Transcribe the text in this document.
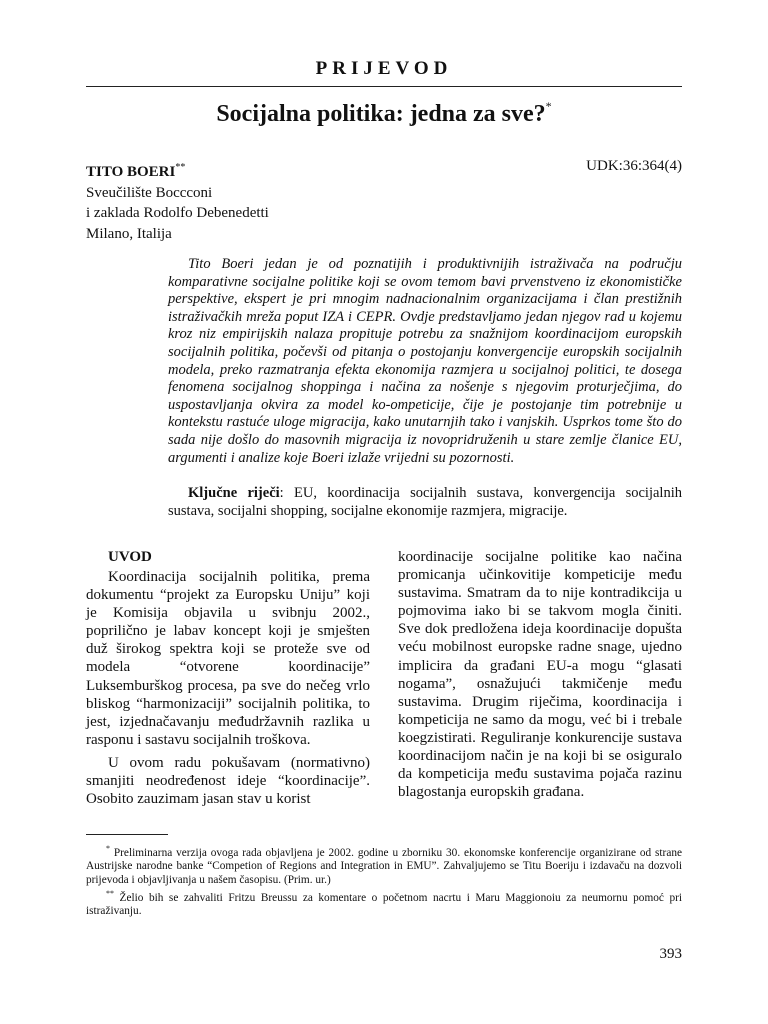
PRIJEVOD
Socijalna politika: jedna za sve?*
TITO BOERI**
Sveučilište Boccconi
i zaklada Rodolfo Debenedetti
Milano, Italija
UDK:36:364(4)

Tito Boeri jedan je od poznatijih i produktivnijih istraživača na području komparativne socijalne politike koji se ovom temom bavi prvenstveno iz ekonomističke perspektive, ekspert je pri mnogim nadnacionalnim organizacijama i član prestižnih istraživačkih mreža poput IZA i CEPR. Ovdje predstavljamo jedan njegov rad u kojemu kroz niz empirijskih nalaza propituje potrebu za snažnijom koordinacijom europskih socijalnih politika, počevši od pitanja o postojanju konvergencije europskih socijalnih modela, preko razmatranja efekta ekonomija razmjera u socijalnoj politici, te dosega fenomena socijalnog shoppinga i načina za nošenje s njegovim proturječjima, do uspostavljanja okvira za model ko-ompeticije, čije je postojanje tim potrebnije u kontekstu rastuće uloge migracija, kako unutarnjih tako i vanjskih. Usprkos tome što do sada nije došlo do masovnih migracija iz novopridruženih u stare zemlje članice EU, argumenti i analize koje Boeri izlaže vrijedni su pozornosti.

Ključne riječi: EU, koordinacija socijalnih sustava, konvergencija socijalnih sustava, socijalni shopping, socijalne ekonomije razmjera, migracije.

UVOD

Koordinacija socijalnih politika, prema dokumentu “projekt za Europsku Uniju” koji je Komisija objavila u svibnju 2002., poprilično je labav koncept koji je smješten duž širokog spektra koji se proteže sve od modela “otvorene koordinacije” Luksemburškog procesa, pa sve do nečeg vrlo bliskog “harmonizaciji” socijalnih politika, to jest, izjednačavanju međudržavnih razlika u rasponu i sastavu socijalnih troškova.

U ovom radu pokušavam (normativno) smanjiti neodređenost ideje “koordinacije”. Osobito zauzimam jasan stav u korist

koordinacije socijalne politike kao načina promicanja učinkovitije kompeticije među sustavima. Smatram da to nije kontradikcija u pojmovima iako bi se takvom mogla činiti. Sve dok predložena ideja koordinacije dopušta veću mobilnost europske radne snage, ujedno implicira da građani EU-a mogu “glasati nogama”, osnažujući takmičenje među sustavima. Drugim riječima, koordinacija i kompeticija ne samo da mogu, već bi i trebale koegzistirati. Reguliranje konkurencije sustava koordinacijom način je na koji bi se osiguralo da kompeticija među sustavima pojača razinu blagostanja europskih građana.

* Preliminarna verzija ovoga rada objavljena je 2002. godine u zborniku 30. ekonomske konferencije organizirane od strane Austrijske narodne banke “Competion of Regions and Integration in EMU”. Zahvaljujemo se Titu Boeriju i izdavaču na dozvoli prijevoda i objavljivanja u našem časopisu. (Prim. ur.)

** Želio bih se zahvaliti Fritzu Breussu za komentare o početnom nacrtu i Maru Maggionoiu za neumornu pomoć pri istraživanju.

393
